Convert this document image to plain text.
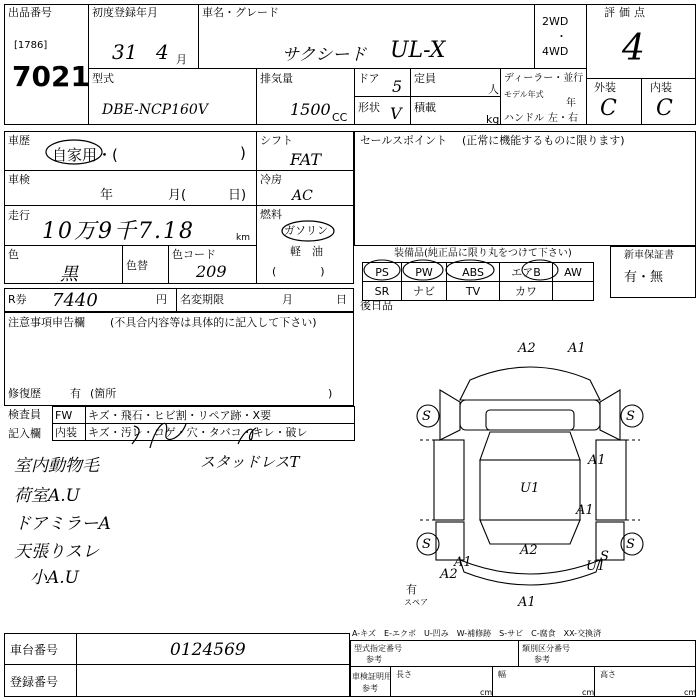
出品番号
[1786]
7021
初度登録年月
31 4 月
車名・グレード
サクシード UL-X
2WD
・
4WD
評価点
4
外装	内装
C C
型式
DBE-NCP160V
排気量
1500 CC
ドア 5 定員
人
形状 V 積載
kg
ディーラー・並行
モデル年式
年
ハンドル 左・右
車歴
自家用・(	)
シフト
FAT
車検
年	月(	日)
冷房
AC
走行
10万9千7.18	km
燃料
ガソリン
軽　油
(　　　　)
色
黒	色替
色コード
209
セールスポイント (正常に機能するものに限ります)
装備品(純正品に限り丸をつけて下さい)
PS	PW	ABS	エアB	AW
SR	ナビ	TV	カワ	
新車保証書
有・無
後日品
R券 7440	円 名変期限	月	日
注意事項申告欄 (不具合内容等は具体的に記入して下さい)
修復歴	有 (箇所	)
検査員
記入欄
FW	キズ・飛石・ヒビ割・リペア跡・X要
内装	キズ・汚レ・コゲ・穴・タバコ・キレ・破レ
室内動物毛	スタッドレスT
荷室A.U
ドアミラーA
天張りスレ
小A.U
A2 A1
S	S
A1
U1
A1
S
A1
S
A2
A2
U1
A1
S
有
スペア
A-キズ　E-エクボ　U-凹み　W-補修跡　S-サビ　C-腐食　XX-交換済
車台番号	0124569
登録番号
型式指定番号
参考
類別区分番号
参考
車検証明用
参考
長さ
cm
幅
cm
高さ
cm
